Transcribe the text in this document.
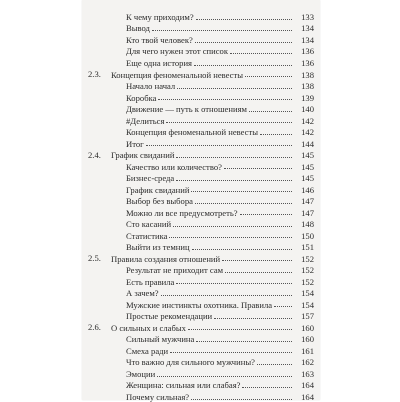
К чему приходим?	133
Вывод	134
Кто твой человек?	134
Для чего нужен этот список	136
Еще одна история	136
2.3.	Концепция феноменальной невесты	138
Начало начал	138
Коробка	139
Движение — путь к отношениям	140
#Делиться	142
Концепция феноменальной невесты	142
Итог	144
2.4.	График свиданий	145
Качество или количество?	145
Бизнес-среда	145
График свиданий	146
Выбор без выбора	147
Можно ли все предусмотреть?	147
Сто касаний	148
Статистика	150
Выйти из темниц	151
2.5.	Правила создания отношений	152
Результат не приходит сам	152
Есть правила	152
А зачем?	154
Мужские инстинкты охотника. Правила	154
Простые рекомендации	157
2.6.	О сильных и слабых	160
Сильный мужчина	160
Смеха ради	161
Что важно для сильного мужчины?	162
Эмоции	163
Женщина: сильная или слабая?	164
Почему сильная?	164
